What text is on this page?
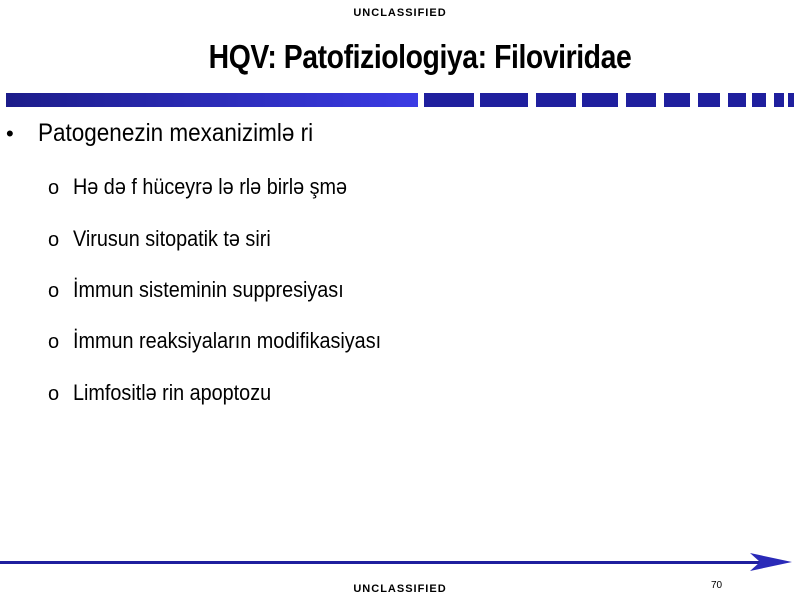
UNCLASSIFIED
HQV: Patofiziologiya: Filoviridae
• Patogenezin mexanizimlə ri
o Hə də f hüceyrə lə rlə birlə şmə
o Virusun sitopatik tə siri
o İmmun sisteminin suppresiyası
o İmmun reaksiyaların modifikasiyası
o Limfositlə rin apoptozu
70
UNCLASSIFIED
